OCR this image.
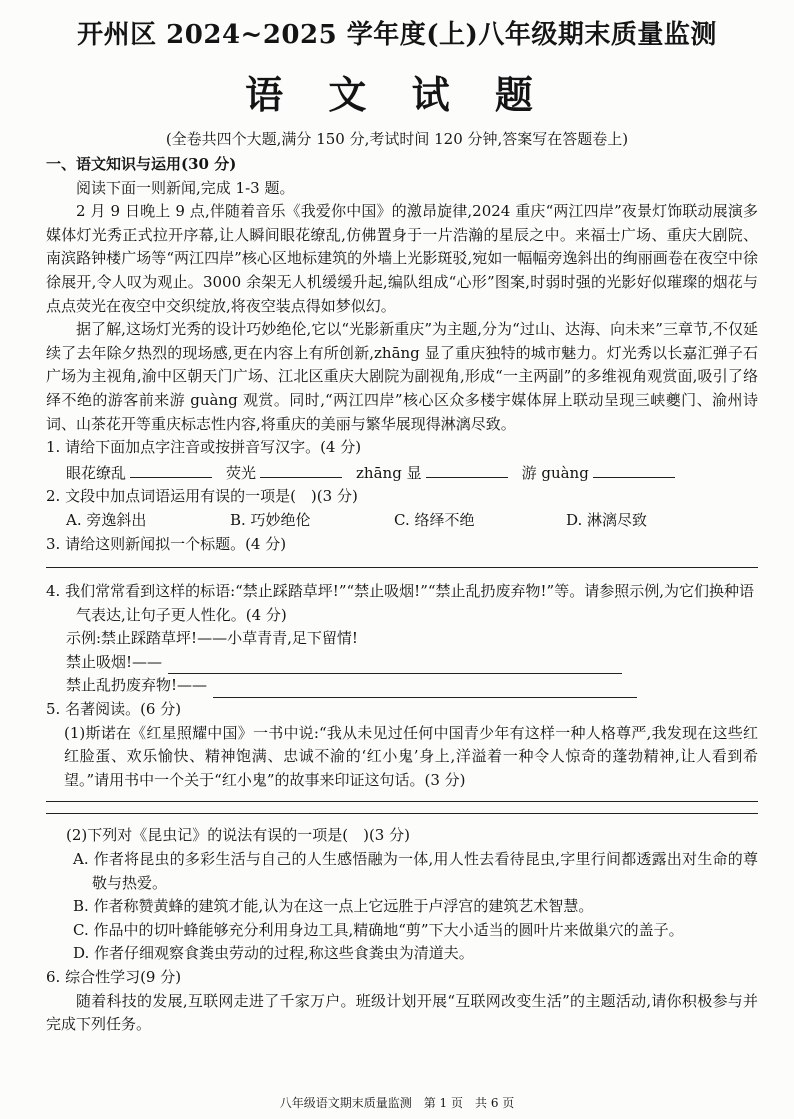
开州区 2024~2025 学年度(上)八年级期末质量监测
语 文 试 题
(全卷共四个大题,满分 150 分,考试时间 120 分钟,答案写在答题卷上)

一、语文知识与运用(30 分)

阅读下面一则新闻,完成 1-3 题。

2 月 9 日晚上 9 点,伴随着音乐《我爱你中国》的激昂旋律,2024 重庆“两江四岸”夜景灯饰联动展演多媒体灯光秀正式拉开序幕,让人瞬间眼花缭乱,仿佛置身于一片浩瀚的星辰之中。来福士广场、重庆大剧院、南滨路钟楼广场等“两江四岸”核心区地标建筑的外墙上光影斑驳,宛如一幅幅旁逸斜出的绚丽画卷在夜空中徐徐展开,令人叹为观止。3000 余架无人机缓缓升起,编队组成“心形”图案,时弱时强的光影好似璀璨的烟花与点点荧光在夜空中交织绽放,将夜空装点得如梦似幻。

据了解,这场灯光秀的设计巧妙绝伦,它以“光影新重庆”为主题,分为“过山、达海、向未来”三章节,不仅延续了去年除夕热烈的现场感,更在内容上有所创新,zhāng 显了重庆独特的城市魅力。灯光秀以长嘉汇弹子石广场为主视角,渝中区朝天门广场、江北区重庆大剧院为副视角,形成“一主两副”的多维视角观赏面,吸引了络绎不绝的游客前来游 guàng 观赏。同时,“两江四岸”核心区众多楼宇媒体屏上联动呈现三峡夔门、渝州诗词、山茶花开等重庆标志性内容,将重庆的美丽与繁华展现得淋漓尽致。

1. 请给下面加点字注音或按拼音写汉字。(4 分)

眼花缭乱	荧光	zhāng 显	游 guàng

2. 文段中加点词语运用有误的一项是(　)(3 分)

A. 旁逸斜出	B. 巧妙绝伦	C. 络绎不绝	D. 淋漓尽致

3. 请给这则新闻拟一个标题。(4 分)

4. 我们常常看到这样的标语:“禁止踩踏草坪!”“禁止吸烟!”“禁止乱扔废弃物!”等。请参照示例,为它们换种语气表达,让句子更人性化。(4 分)

示例:禁止踩踏草坪!——小草青青,足下留情!

禁止吸烟!——
禁止乱扔废弃物!——

5. 名著阅读。(6 分)

(1)斯诺在《红星照耀中国》一书中说:“我从未见过任何中国青少年有这样一种人格尊严,我发现在这些红红脸蛋、欢乐愉快、精神饱满、忠诚不渝的‘红小鬼’身上,洋溢着一种令人惊奇的蓬勃精神,让人看到希望。”请用书中一个关于“红小鬼”的故事来印证这句话。(3 分)

(2)下列对《昆虫记》的说法有误的一项是(　)(3 分)

A. 作者将昆虫的多彩生活与自己的人生感悟融为一体,用人性去看待昆虫,字里行间都透露出对生命的尊敬与热爱。

B. 作者称赞黄蜂的建筑才能,认为在这一点上它远胜于卢浮宫的建筑艺术智慧。

C. 作品中的切叶蜂能够充分利用身边工具,精确地“剪”下大小适当的圆叶片来做巢穴的盖子。

D. 作者仔细观察食粪虫劳动的过程,称这些食粪虫为清道夫。

6. 综合性学习(9 分)

随着科技的发展,互联网走进了千家万户。班级计划开展“互联网改变生活”的主题活动,请你积极参与并完成下列任务。

八年级语文期末质量监测　第 1 页　共 6 页
